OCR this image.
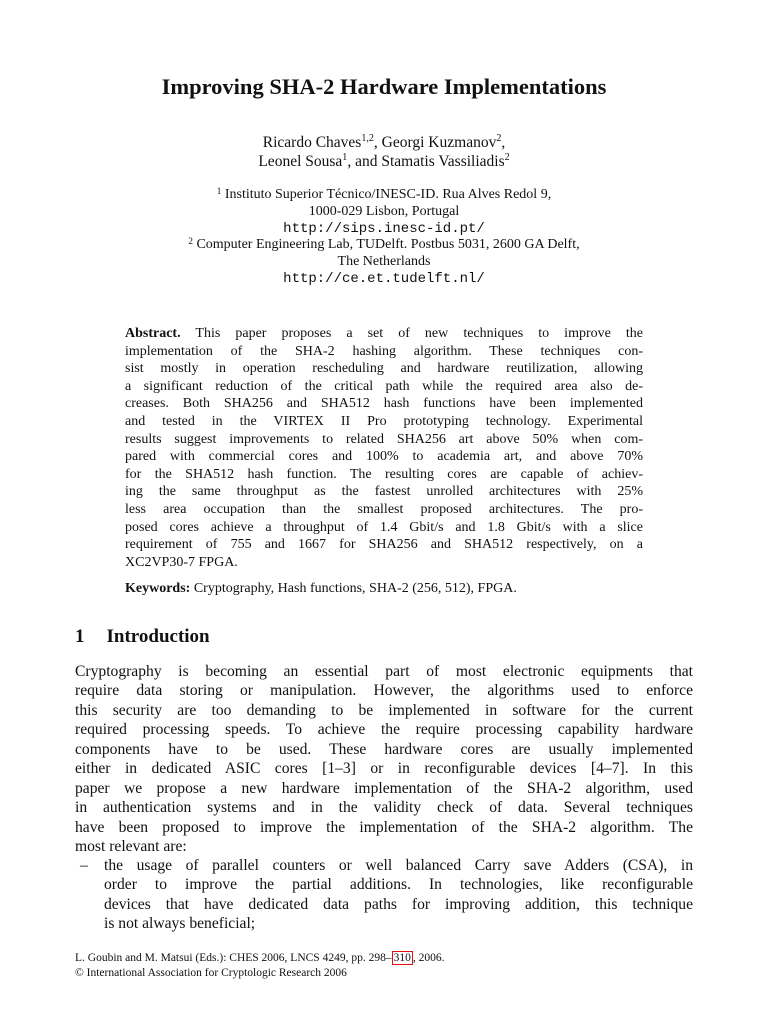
Improving SHA-2 Hardware Implementations
Ricardo Chaves$^{1,2}$, Georgi Kuzmanov$^2$,
Leonel Sousa$^1$, and Stamatis Vassiliadis$^2$
$^1$ Instituto Superior Técnico/INESC-ID. Rua Alves Redol 9,
1000-029 Lisbon, Portugal
http://sips.inesc-id.pt/
$^2$ Computer Engineering Lab, TUDelft. Postbus 5031, 2600 GA Delft,
The Netherlands
http://ce.et.tudelft.nl/
Abstract. This paper proposes a set of new techniques to improve the
implementation of the SHA-2 hashing algorithm. These techniques con-
sist mostly in operation rescheduling and hardware reutilization, allowing
a significant reduction of the critical path while the required area also de-
creases. Both SHA256 and SHA512 hash functions have been implemented
and tested in the VIRTEX II Pro prototyping technology. Experimental
results suggest improvements to related SHA256 art above 50% when com-
pared with commercial cores and 100% to academia art, and above 70%
for the SHA512 hash function. The resulting cores are capable of achiev-
ing the same throughput as the fastest unrolled architectures with 25%
less area occupation than the smallest proposed architectures. The pro-
posed cores achieve a throughput of 1.4 Gbit/s and 1.8 Gbit/s with a slice
requirement of 755 and 1667 for SHA256 and SHA512 respectively, on a
XC2VP30-7 FPGA.
Keywords: Cryptography, Hash functions, SHA-2 (256, 512), FPGA.
1 Introduction
Cryptography is becoming an essential part of most electronic equipments that
require data storing or manipulation. However, the algorithms used to enforce
this security are too demanding to be implemented in software for the current
required processing speeds. To achieve the require processing capability hardware
components have to be used. These hardware cores are usually implemented
either in dedicated ASIC cores [1–3] or in reconfigurable devices [4–7]. In this
paper we propose a new hardware implementation of the SHA-2 algorithm, used
in authentication systems and in the validity check of data. Several techniques
have been proposed to improve the implementation of the SHA-2 algorithm. The
most relevant are:
– the usage of parallel counters or well balanced Carry save Adders (CSA), in
order to improve the partial additions. In technologies, like reconfigurable
devices that have dedicated data paths for improving addition, this technique
is not always beneficial;
L. Goubin and M. Matsui (Eds.): CHES 2006, LNCS 4249, pp. 298– 310 , 2006.
© International Association for Cryptologic Research 2006
